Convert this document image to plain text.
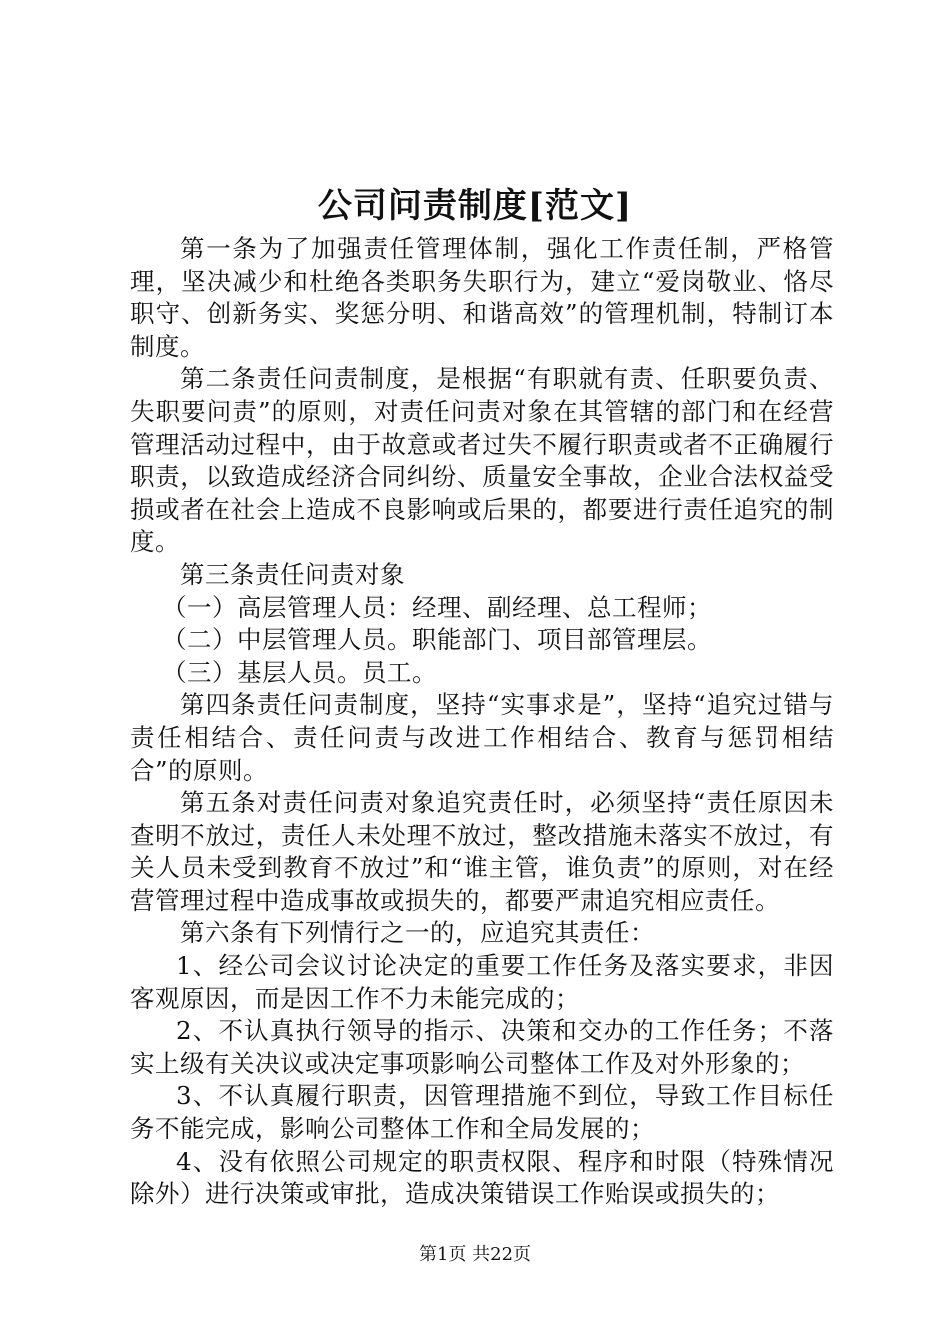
公司问责制度[范文]

第一条为了加强责任管理体制，强化工作责任制，严格管理，坚决减少和杜绝各类职务失职行为，建立“爱岗敬业、恪尽职守、创新务实、奖惩分明、和谐高效”的管理机制，特制订本制度。

第二条责任问责制度，是根据“有职就有责、任职要负责、失职要问责”的原则，对责任问责对象在其管辖的部门和在经营管理活动过程中，由于故意或者过失不履行职责或者不正确履行职责，以致造成经济合同纠纷、质量安全事故，企业合法权益受损或者在社会上造成不良影响或后果的，都要进行责任追究的制度。

第三条责任问责对象

（一）高层管理人员：经理、副经理、总工程师；

（二）中层管理人员。职能部门、项目部管理层。

（三）基层人员。员工。

第四条责任问责制度，坚持“实事求是”，坚持“追究过错与责任相结合、责任问责与改进工作相结合、教育与惩罚相结合”的原则。

第五条对责任问责对象追究责任时，必须坚持“责任原因未查明不放过，责任人未处理不放过，整改措施未落实不放过，有关人员未受到教育不放过”和“谁主管，谁负责”的原则，对在经营管理过程中造成事故或损失的，都要严肃追究相应责任。

第六条有下列情行之一的，应追究其责任：

1、经公司会议讨论决定的重要工作任务及落实要求，非因客观原因，而是因工作不力未能完成的；

2、不认真执行领导的指示、决策和交办的工作任务；不落实上级有关决议或决定事项影响公司整体工作及对外形象的；

3、不认真履行职责，因管理措施不到位，导致工作目标任务不能完成，影响公司整体工作和全局发展的；

4、没有依照公司规定的职责权限、程序和时限（特殊情况除外）进行决策或审批，造成决策错误工作贻误或损失的；

第1页 共22页
